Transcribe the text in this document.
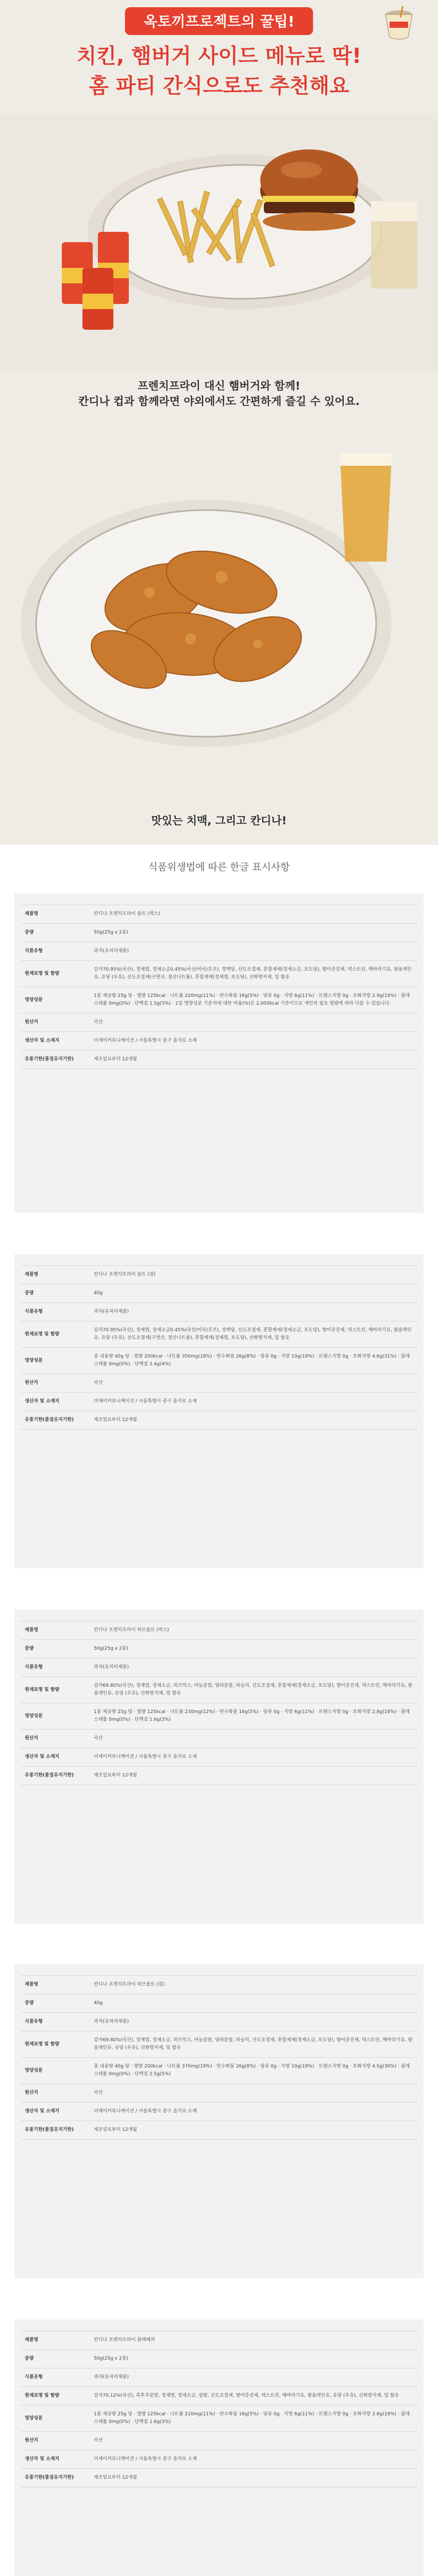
옥토끼프로젝트의 꿀팁!
치킨, 햄버거 사이드 메뉴로 딱!
홈 파티 간식으로도 추천해요
프렌치프라이 대신 햄버거와 함께!
칸디나 컵과 함께라면 야외에서도 간편하게 즐길 수 있어요.
맛있는 치맥, 그리고 칸디나!
식품위생법에 따른 한글 표시사항
제품명	칸디나 프렌치프라이 솔트 (박스)
중량	50g(25g x 2봉)
식품유형	과자(유처리제품)
원재료명 및 함량	감자70.95%(국산), 정제염, 정제소금0.45%(국산/미국/호주), 정백당, 산도조절제, 혼합제제(정제소금, 포도당), 향미증진제, 덱스트린, 해바라기유, 팜올레인유, 유당 (우유), 산도조절제(구연산, 젖산나트륨), 혼합제제(정제염, 포도당), 산화방지제, 밀 함유
영양성분	1봉 제공량 25g 당 · 열량 125kcal · 나트륨 220mg(11%) · 탄수화물 16g(5%) · 당류 0g · 지방 6g(11%) · 트랜스지방 0g · 포화지방 2.9g(19%) · 콜레스테롤 0mg(0%) · 단백질 1.5g(3%) · 1일 영양성분 기준치에 대한 비율(%)은 2,000kcal 기준이므로 개인의 필요 열량에 따라 다를 수 있습니다.
원산지	국산
생산자 및 소재지	더제이커뮤니케이션 / 서울특별시 중구 을지로 소재
유통기한(품질유지기한)	제조일로부터 12개월
제품명	칸디나 프렌치프라이 솔트 (컵)
중량	40g
식품유형	과자(유처리제품)
원재료명 및 함량	감자70.95%(국산), 정제염, 정제소금0.45%(국산/미국/호주), 정백당, 산도조절제, 혼합제제(정제소금, 포도당), 향미증진제, 덱스트린, 해바라기유, 팜올레인유, 유당 (우유), 산도조절제(구연산, 젖산나트륨), 혼합제제(정제염, 포도당), 산화방지제, 밀 함유
영양성분	총 내용량 40g 당 · 열량 200kcal · 나트륨 350mg(18%) · 탄수화물 26g(8%) · 당류 0g · 지방 10g(19%) · 트랜스지방 0g · 포화지방 4.6g(31%) · 콜레스테롤 0mg(0%) · 단백질 2.4g(4%)
원산지	국산
생산자 및 소재지	더제이커뮤니케이션 / 서울특별시 중구 을지로 소재
유통기한(품질유지기한)	제조일로부터 12개월
제품명	칸디나 프렌치프라이 허브솔트 (박스)
중량	50g(25g x 2봉)
식품유형	과자(유처리제품)
원재료명 및 함량	감자69.80%(국산), 정제염, 정제소금, 허브믹스, 마늘분말, 양파분말, 파슬리, 산도조절제, 혼합제제(정제소금, 포도당), 향미증진제, 덱스트린, 해바라기유, 팜올레인유, 유당 (우유), 산화방지제, 밀 함유
영양성분	1봉 제공량 25g 당 · 열량 125kcal · 나트륨 230mg(12%) · 탄수화물 16g(5%) · 당류 0g · 지방 6g(11%) · 트랜스지방 0g · 포화지방 2.8g(19%) · 콜레스테롤 0mg(0%) · 단백질 1.6g(3%)
원산지	국산
생산자 및 소재지	더제이커뮤니케이션 / 서울특별시 중구 을지로 소재
유통기한(품질유지기한)	제조일로부터 12개월
제품명	칸디나 프렌치프라이 허브솔트 (컵)
중량	40g
식품유형	과자(유처리제품)
원재료명 및 함량	감자69.80%(국산), 정제염, 정제소금, 허브믹스, 마늘분말, 양파분말, 파슬리, 산도조절제, 혼합제제(정제소금, 포도당), 향미증진제, 덱스트린, 해바라기유, 팜올레인유, 유당 (우유), 산화방지제, 밀 함유
영양성분	총 내용량 40g 당 · 열량 200kcal · 나트륨 370mg(19%) · 탄수화물 26g(8%) · 당류 0g · 지방 10g(19%) · 트랜스지방 0g · 포화지방 4.5g(30%) · 콜레스테롤 0mg(0%) · 단백질 2.5g(5%)
원산지	국산
생산자 및 소재지	더제이커뮤니케이션 / 서울특별시 중구 을지로 소재
유통기한(품질유지기한)	제조일로부터 12개월
제품명	칸디나 프렌치프라이 블랙페퍼
중량	50g(25g x 2봉)
식품유형	과자(유처리제품)
원재료명 및 함량	감자70.12%(국산), 흑후추분말, 정제염, 정제소금, 설탕, 산도조절제, 향미증진제, 덱스트린, 해바라기유, 팜올레인유, 유당 (우유), 산화방지제, 밀 함유
영양성분	1봉 제공량 25g 당 · 열량 125kcal · 나트륨 210mg(11%) · 탄수화물 16g(5%) · 당류 0g · 지방 6g(11%) · 트랜스지방 0g · 포화지방 2.8g(19%) · 콜레스테롤 0mg(0%) · 단백질 1.6g(3%)
원산지	국산
생산자 및 소재지	더제이커뮤니케이션 / 서울특별시 중구 을지로 소재
유통기한(품질유지기한)	제조일로부터 12개월
